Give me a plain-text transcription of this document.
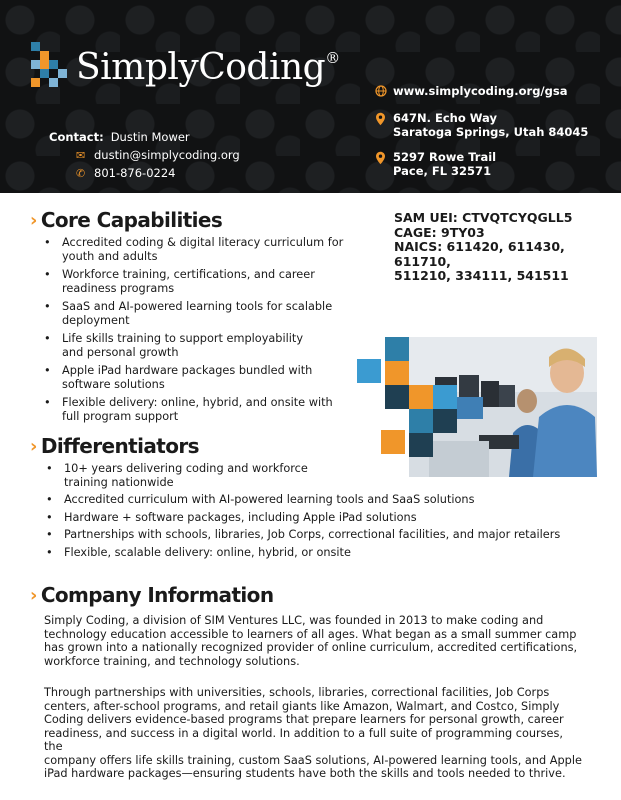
SimplyCoding®
Contact: Dustin Mower
✉ dustin@simplycoding.org
✆ 801-876-0224
www.simplycoding.org/gsa
647N. Echo Way
Saratoga Springs, Utah 84045
5297 Rowe Trail
Pace, FL 32571
› Core Capabilities
• Accredited coding & digital literacy curriculum for
youth and adults
• Workforce training, certifications, and career
readiness programs
• SaaS and AI-powered learning tools for scalable deployment
• Life skills training to support employability
and personal growth
• Apple iPad hardware packages bundled with
software solutions
• Flexible delivery: online, hybrid, and onsite with
full program support
SAM UEI: CTVQTCYQGLL5
CAGE: 9TY03
NAICS: 611420, 611430, 611710,
511210, 334111, 541511
› Differentiators
• 10+ years delivering coding and workforce
training nationwide
• Accredited curriculum with AI-powered learning tools and SaaS solutions
• Hardware + software packages, including Apple iPad solutions
• Partnerships with schools, libraries, Job Corps, correctional facilities, and major retailers
• Flexible, scalable delivery: online, hybrid, or onsite
› Company Information
Simply Coding, a division of SIM Ventures LLC, was founded in 2013 to make coding and
technology education accessible to learners of all ages. What began as a small summer camp
has grown into a nationally recognized provider of online curriculum, accredited certifications,
workforce training, and technology solutions.

Through partnerships with universities, schools, libraries, correctional facilities, Job Corps
centers, after-school programs, and retail giants like Amazon, Walmart, and Costco, Simply
Coding delivers evidence-based programs that prepare learners for personal growth, career
readiness, and success in a digital world. In addition to a full suite of programming courses, the
company offers life skills training, custom SaaS solutions, AI-powered learning tools, and Apple
iPad hardware packages—ensuring students have both the skills and tools needed to thrive.
